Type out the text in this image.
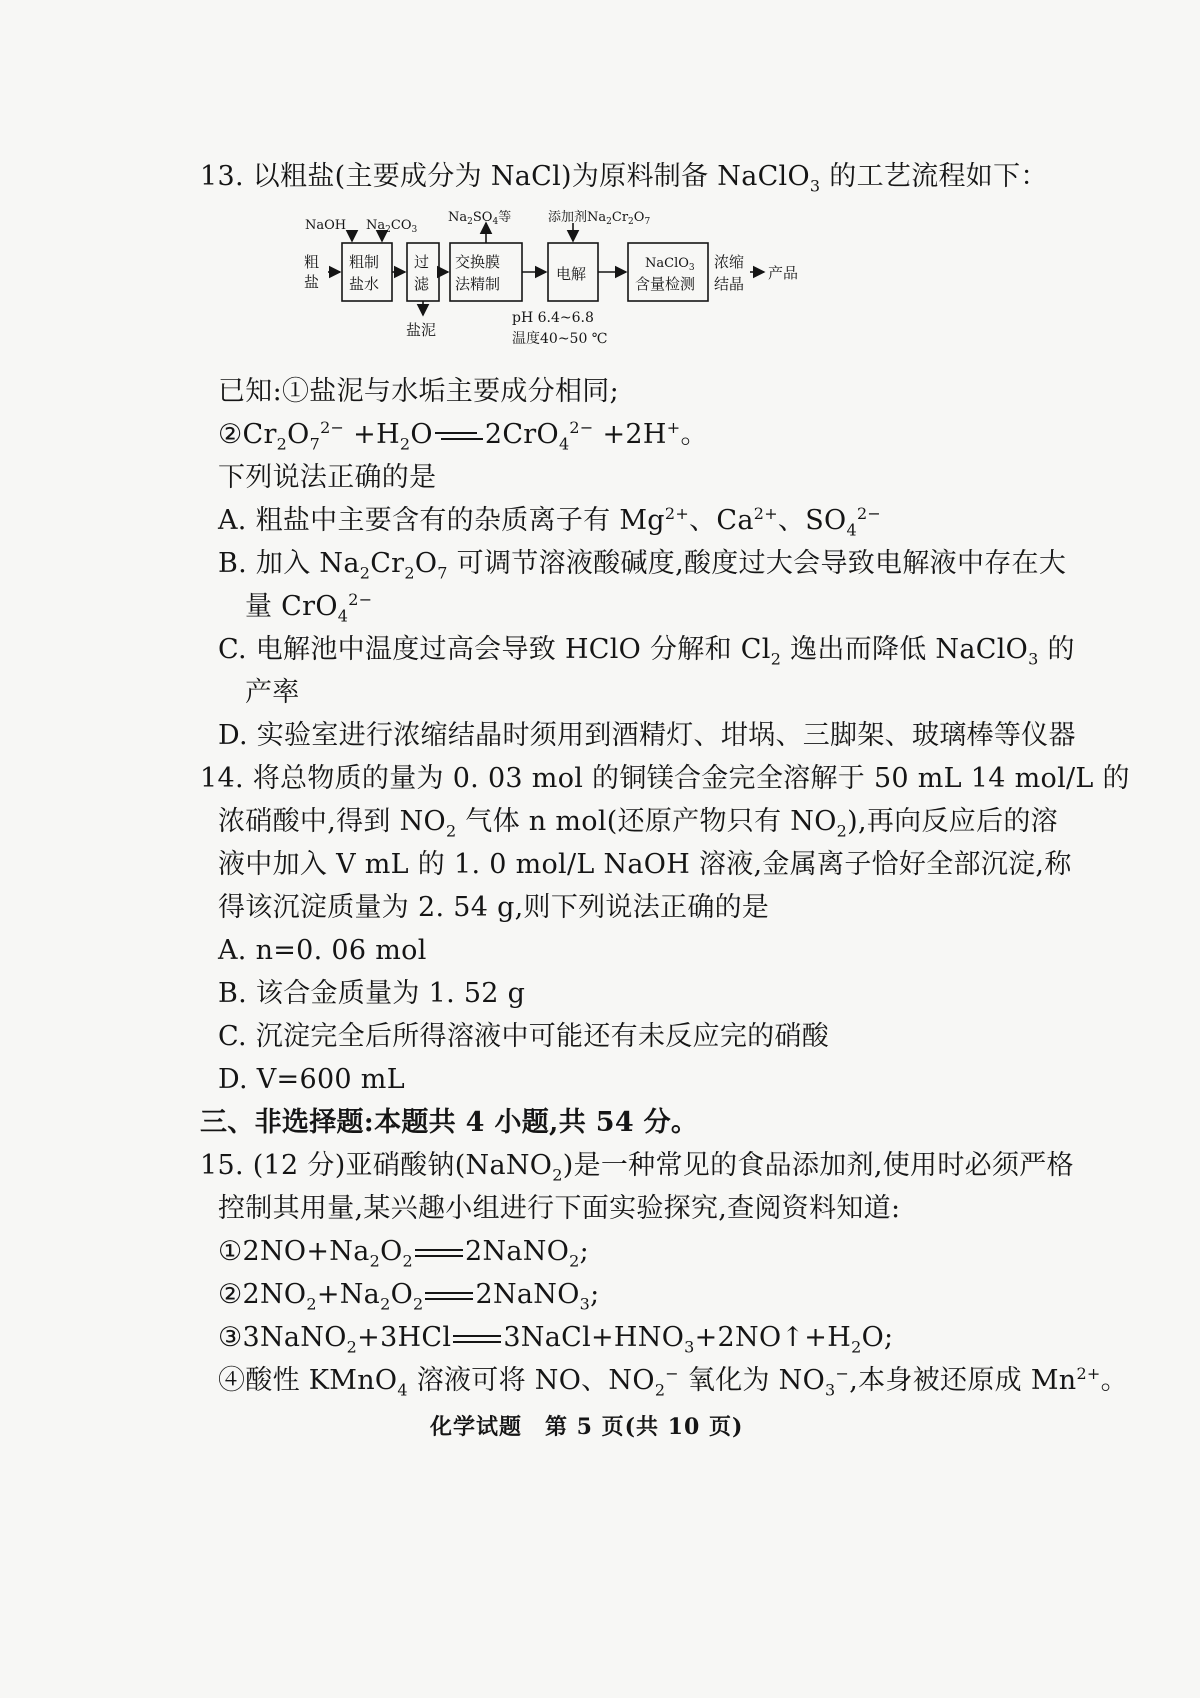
13. 以粗盐(主要成分为 NaCl)为原料制备 NaClO$_3$ 的工艺流程如下：
粗
盐
NaOH $Na_2CO_3$
粗制
盐水
过
滤
盐泥
交换膜
法精制
$Na_2SO_4$等	添加剂$Na_2Cr_2O_7$
电解
pH 6.4~6.8
温度40~50 ℃
NaClO$_3$
含量检测
浓缩
结晶
产品
已知:①盐泥与水垢主要成分相同;
$②Cr_2O_7^{2-} +H_2O$ 2CrO$_4^{2-}$ +2H+。
下列说法正确的是
A. 粗盐中主要含有的杂质离子有 $Mg^{2+}$、$Ca^{2+}$、$SO_4^{2-}$
B. 加入 $Na_2Cr_2O_7$ 可调节溶液酸碱度,酸度过大会导致电解液中存在大
量 CrO$_4^{2-}$
C. 电解池中温度过高会导致 HClO 分解和 $Cl_2$ 逸出而降低 NaClO$_3$ 的
产率
D. 实验室进行浓缩结晶时须用到酒精灯、坩埚、三脚架、玻璃棒等仪器
14. 将总物质的量为 0. 03 mol 的铜镁合金完全溶解于 50 mL 14 mol/L 的
浓硝酸中,得到 $NO_2$ 气体 n mol(还原产物只有 $NO_2$),再向反应后的溶
液中加入 V mL 的 1. 0 mol/L NaOH 溶液,金属离子恰好全部沉淀,称
得该沉淀质量为 2. 54 g,则下列说法正确的是
A. n=0. 06 mol
B. 该合金质量为 1. 52 g
C. 沉淀完全后所得溶液中可能还有未反应完的硝酸
D. V=600 mL
三、非选择题:本题共 4 小题,共 54 分。
15. (12 分)亚硝酸钠(NaNO$_2$)是一种常见的食品添加剂,使用时必须严格
控制其用量,某兴趣小组进行下面实验探究,查阅资料知道:
$①2NO+Na_2O_2$ 2NaNO$_2$;
$②2NO_2+Na_2O_2$ 2NaNO$_3$;
③3NaNO$_2$+3HCl $3NaCl+HNO_3+2NO↑+H_2O$;
④酸性 KMnO$_4$ 溶液可将 NO、$NO_2^-$ 氧化为 $NO_3^-$,本身被还原成 $Mn^{2+}$。
化学试题　第 5 页(共 10 页)
